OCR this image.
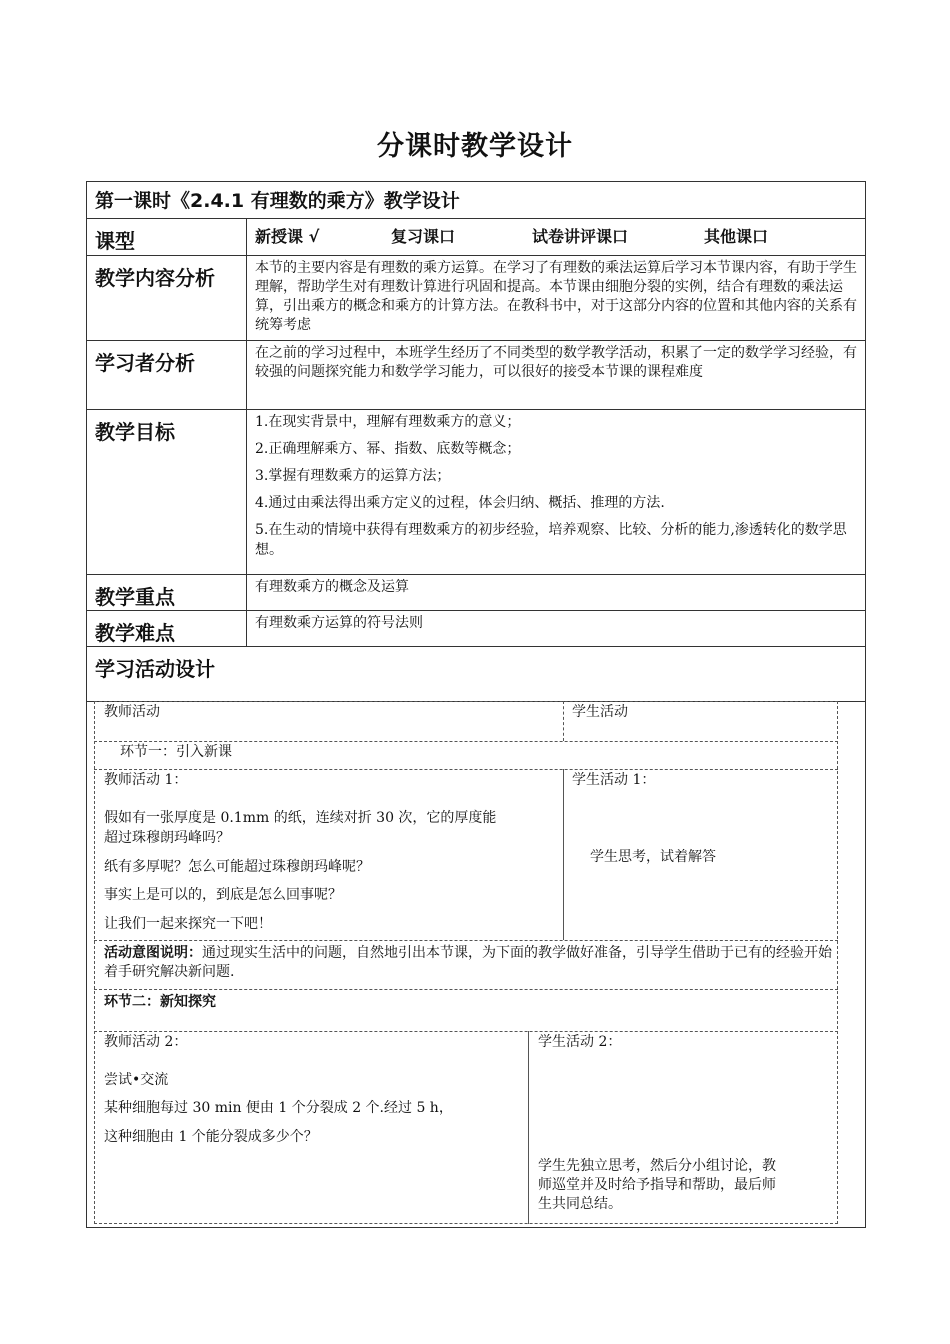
分课时教学设计
第一课时《2.4.1 有理数的乘方》教学设计	
课型	新授课 √ 复习课口 试卷讲评课口 其他课口
教学内容分析	本节的主要内容是有理数的乘方运算。在学习了有理数的乘法运算后学习本节课内容，有助于学生理解，帮助学生对有理数计算进行巩固和提高。本节课由细胞分裂的实例，结合有理数的乘法运算，引出乘方的概念和乘方的计算方法。在教科书中，对于这部分内容的位置和其他内容的关系有统筹考虑
学习者分析	在之前的学习过程中，本班学生经历了不同类型的数学教学活动，积累了一定的数学学习经验，有较强的问题探究能力和数学学习能力，可以很好的接受本节课的课程难度
教学目标	1.在现实背景中，理解有理数乘方的意义；

2.正确理解乘方、幂、指数、底数等概念；

3.掌握有理数乘方的运算方法；

4.通过由乘法得出乘方定义的过程，体会归纳、概括、推理的方法.

5.在生动的情境中获得有理数乘方的初步经验，培养观察、比较、分析的能力,渗透转化的数学思想。

教学重点	有理数乘方的概念及运算
教学难点	有理数乘方运算的符号法则
学习活动设计	

教师活动	学生活动
环节一：引入新课
教师活动 1：
假如有一张厚度是 0.1mm 的纸，连续对折 30 次，它的厚度能
超过珠穆朗玛峰吗？
纸有多厚呢？怎么可能超过珠穆朗玛峰呢？
事实上是可以的，到底是怎么回事呢？
让我们一起来探究一下吧！
学生活动 1：
学生思考，试着解答
活动意图说明：通过现实生活中的问题，自然地引出本节课，为下面的教学做好准备，引导学生借助于已有的经验开始着手研究解决新问题.
环节二：新知探究
教师活动 2：
尝试•交流
某种细胞每过 30 min 便由 1 个分裂成 2 个.经过 5 h，
这种细胞由 1 个能分裂成多少个？
学生活动 2：
学生先独立思考，然后分小组讨论，教
师巡堂并及时给予指导和帮助，最后师
生共同总结。
